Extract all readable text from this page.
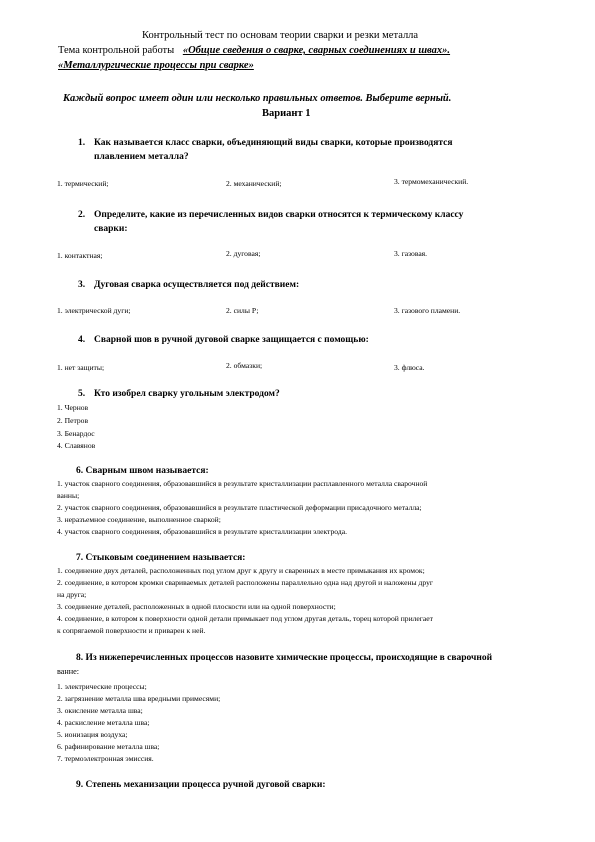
Контрольный тест по основам теории сварки и резки металла
Тема контрольной работы «Общие сведения о сварке, сварных соединениях и швах».
«Металлургические процессы при сварке»
Каждый вопрос имеет один или несколько правильных ответов. Выберите верный.
Вариант 1
1. Как называется класс сварки, объединяющий виды сварки, которые производятся
плавлением металла?
1. термический;	2. механический;	3. термомеханический.
2. Определите, какие из перечисленных видов сварки относятся к термическому классу
сварки:
1. контактная;	2. дуговая;	3. газовая.
3. Дуговая сварка осуществляется под действием:
1. электрической дуги;	2. силы Р;	3. газового пламени.
4. Сварной шов в ручной дуговой сварке защищается с помощью:
1. нет защиты;	2. обмазки;	3. флюса.
5. Кто изобрел сварку угольным электродом?
1. Чернов
2. Петров
3. Бенардос
4. Славянов
6. Сварным швом называется:
1. участок сварного соединения, образовавшийся в результате кристаллизации расплавленного металла сварочной
ванны;
2. участок сварного соединения, образовавшийся в результате пластической деформации присадочного металла;
3. неразъемное соединение, выполненное сваркой;
4. участок сварного соединения, образовавшийся в результате кристаллизации электрода.
7. Стыковым соединением называется:
1. соединение двух деталей, расположенных под углом друг к другу и сваренных в месте примыкания их кромок;
2. соединение, в котором кромки свариваемых деталей расположены параллельно одна над другой и наложены друг
на друга;
3. соединение деталей, расположенных в одной плоскости или на одной поверхности;
4. соединение, в котором к поверхности одной детали примыкает под углом другая деталь, торец которой прилегает
к сопрягаемой поверхности и приварен к ней.
8. Из нижеперечисленных процессов назовите химические процессы, происходящие в сварочной
ванне:
1. электрические процессы;
2. загрязнение металла шва вредными примесями;
3. окисление металла шва;
4. раскисление металла шва;
5. ионизация воздуха;
6. рафинирование металла шва;
7. термоэлектронная эмиссия.
9. Степень механизации процесса ручной дуговой сварки:
